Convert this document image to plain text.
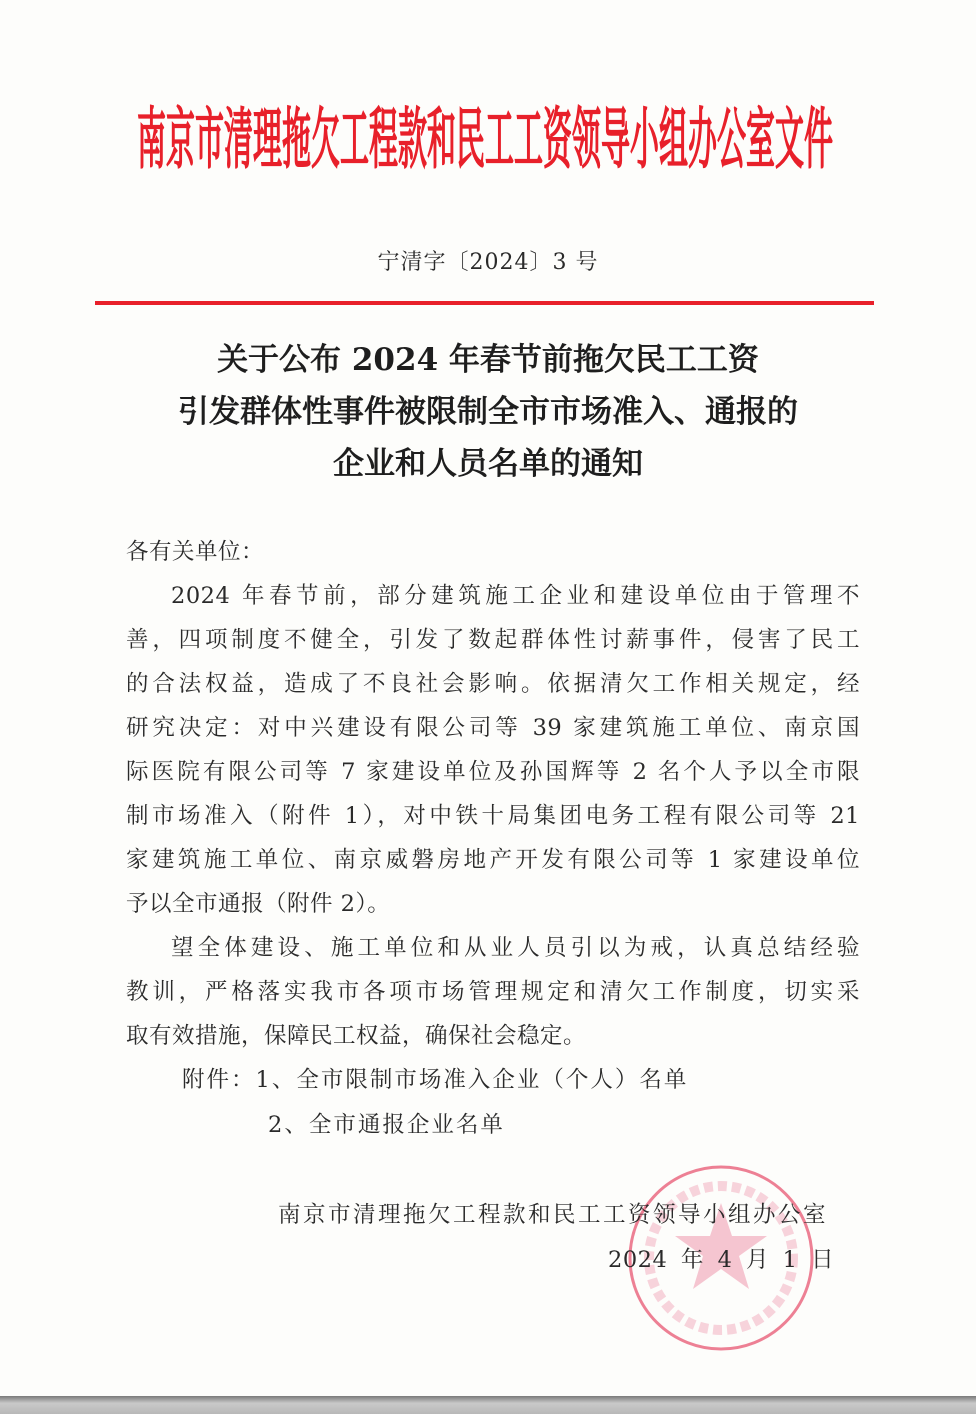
南京市清理拖欠工程款和民工工资领导小组办公室文件
宁清字〔2024〕3 号
关于公布 2024 年春节前拖欠民工工资
引发群体性事件被限制全市市场准入、通报的
企业和人员名单的通知
各有关单位：
2024 年春节前，部分建筑施工企业和建设单位由于管理不
善，四项制度不健全，引发了数起群体性讨薪事件，侵害了民工
的合法权益，造成了不良社会影响。依据清欠工作相关规定，经
研究决定：对中兴建设有限公司等 39 家建筑施工单位、南京国
际医院有限公司等 7 家建设单位及孙国辉等 2 名个人予以全市限
制市场准入（附件 1），对中铁十局集团电务工程有限公司等 21
家建筑施工单位、南京威磐房地产开发有限公司等 1 家建设单位
予以全市通报（附件 2）。
望全体建设、施工单位和从业人员引以为戒，认真总结经验
教训，严格落实我市各项市场管理规定和清欠工作制度，切实采
取有效措施，保障民工权益，确保社会稳定。
附件：1、全市限制市场准入企业（个人）名单
2、全市通报企业名单
南京市清理拖欠工程款和民工工资领导小组办公室
2024 年 4 月 1 日
